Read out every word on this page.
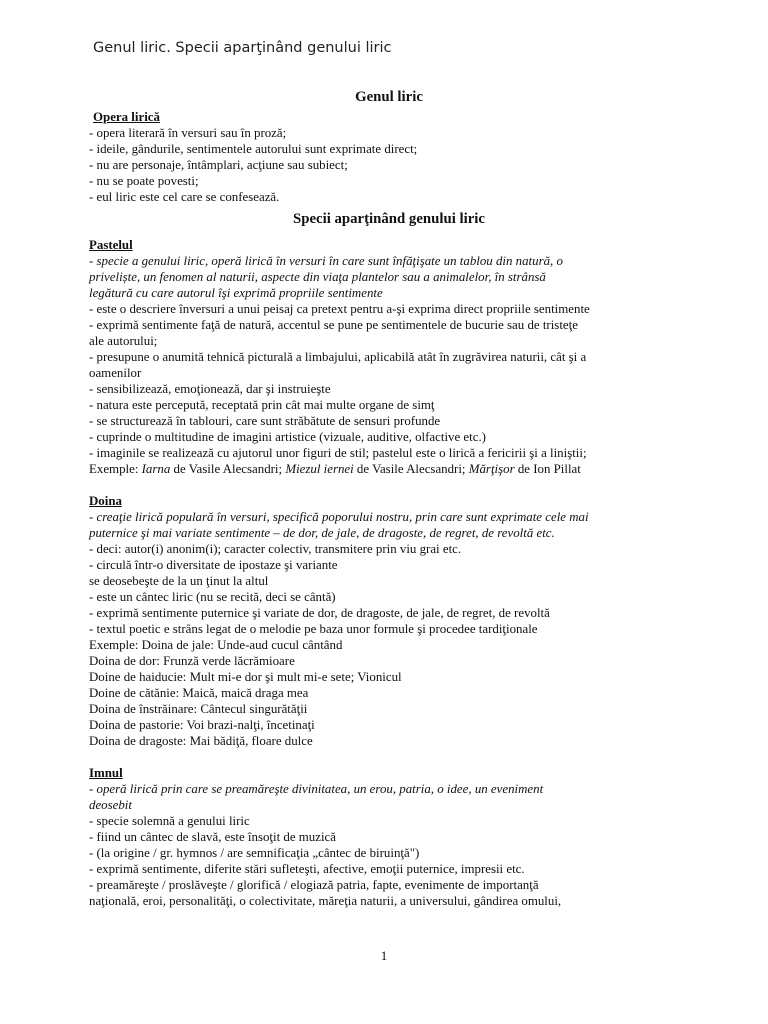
Genul liric. Specii aparţinând genului liric
Genul liric
Opera lirică
- opera literară în versuri sau în proză;
- ideile, gândurile, sentimentele autorului sunt exprimate direct;
- nu are personaje, întâmplari, acţiune sau subiect;
- nu se poate povesti;
- eul liric este cel care se confesează.
Specii aparţinând genului liric
Pastelul
- specie a genului liric, operă lirică în versuri în care sunt înfăţişate un tablou din natură, o
priveliște, un fenomen al naturii, aspecte din viaţa plantelor sau a animalelor, în strânsă
legătură cu care autorul îşi exprimă propriile sentimente
- este o descriere înversuri a unui peisaj ca pretext pentru a-şi exprima direct propriile sentimente
- exprimă sentimente faţă de natură, accentul se pune pe sentimentele de bucurie sau de tristeţe
ale autorului;
- presupune o anumită tehnică picturală a limbajului, aplicabilă atât în zugrăvirea naturii, cât şi a
oamenilor
- sensibilizează, emoţionează, dar şi instruieşte
- natura este percepută, receptată prin cât mai multe organe de simţ
- se structurează în tablouri, care sunt străbătute de sensuri profunde
- cuprinde o multitudine de imagini artistice (vizuale, auditive, olfactive etc.)
- imaginile se realizează cu ajutorul unor figuri de stil; pastelul este o lirică a fericirii şi a liniştii;
Exemple: Iarna de Vasile Alecsandri; Miezul iernei de Vasile Alecsandri; Mărţişor de Ion Pillat
Doina
- creaţie lirică populară în versuri, specifică poporului nostru, prin care sunt exprimate cele mai
puternice şi mai variate sentimente – de dor, de jale, de dragoste, de regret, de revoltă etc.
- deci: autor(i) anonim(i); caracter colectiv, transmitere prin viu grai etc.
- circulă într-o diversitate de ipostaze şi variante
se deosebeşte de la un ţinut la altul
- este un cântec liric (nu se recită, deci se cântă)
- exprimă sentimente puternice şi variate de dor, de dragoste, de jale, de regret, de revoltă
- textul poetic e strâns legat de o melodie pe baza unor formule şi procedee tardiţionale
Exemple: Doina de jale: Unde-aud cucul cântând
Doina de dor: Frunză verde lăcrămioare
Doine de haiducie: Mult mi-e dor şi mult mi-e sete; Vionicul
Doine de cătănie: Maică, maică draga mea
Doina de înstrăinare: Cântecul singurătăţii
Doina de pastorie: Voi brazi-nalţi, încetinaţi
Doina de dragoste: Mai bădiţă, floare dulce
Imnul
- operă lirică prin care se preamăreşte divinitatea, un erou, patria, o idee, un eveniment
deosebit
- specie solemnă a genului liric
- fiind un cântec de slavă, este însoţit de muzică
- (la origine / gr. hymnos / are semnificaţia „cântec de biruinţă")
- exprimă sentimente, diferite stări sufleteşti, afective, emoţii puternice, impresii etc.
- preamăreşte / proslăveşte / glorifică / elogiază patria, fapte, evenimente de importanţă
naţională, eroi, personalităţi, o colectivitate, măreţia naturii, a universului, gândirea omului,
1
